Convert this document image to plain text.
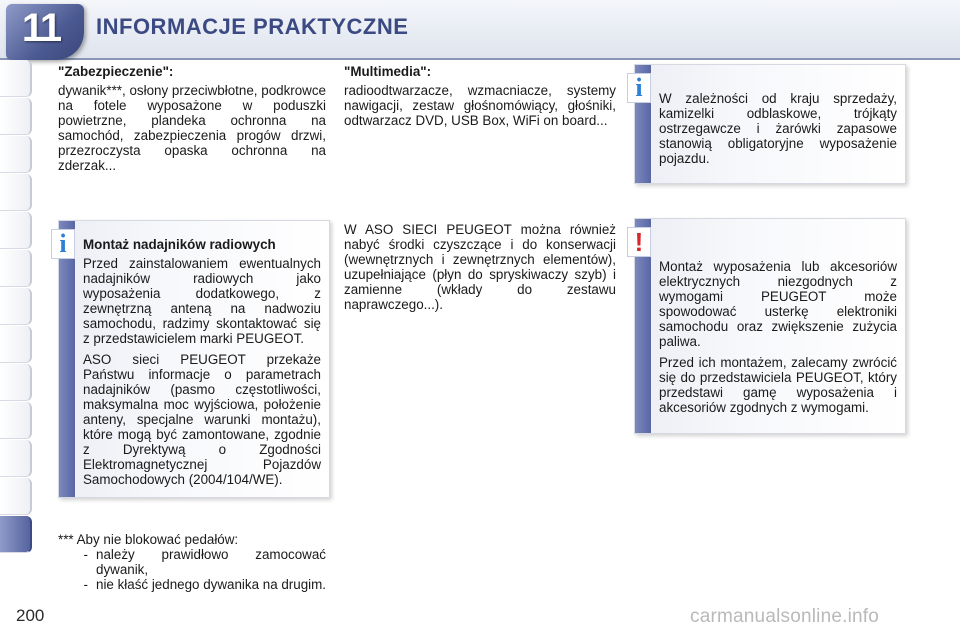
11	INFORMACJE PRAKTYCZNE

"Zabezpieczenie":

dywanik***, osłony przeciwbłotne, podkrowce na fotele wyposażone w poduszki powietrzne, plandeka ochronna na samochód, zabezpieczenia progów drzwi, przezroczysta opaska ochronna na zderzak...

"Multimedia":

radioodtwarzacze, wzmacniacze, systemy nawigacji, zestaw głośnomówiący, głośniki, odtwarzacz DVD, USB Box, WiFi on board...

W ASO SIECI PEUGEOT można również nabyć środki czyszczące i do konserwacji (wewnętrznych i zewnętrznych elementów), uzupełniające (płyn do spryskiwaczy szyb) i zamienne (wkłady do zestawu naprawczego...).

i	Montaż nadajników radiowych

Przed zainstalowaniem ewentualnych nadajników radiowych jako wyposażenia dodatkowego, z zewnętrzną anteną na nadwoziu samochodu, radzimy skontaktować się z przedstawicielem marki PEUGEOT.

ASO sieci PEUGEOT przekaże Państwu informacje o parametrach nadajników (pasmo częstotliwości, maksymalna moc wyjściowa, położenie anteny, specjalne warunki montażu), które mogą być zamontowane, zgodnie z Dyrektywą o Zgodności Elektromagnetycznej Pojazdów Samochodowych (2004/104/WE).

i	W zależności od kraju sprzedaży, kamizelki odblaskowe, trójkąty ostrzegawcze i żarówki zapasowe stanowią obligatoryjne wyposażenie pojazdu.

!

Montaż wyposażenia lub akcesoriów elektrycznych niezgodnych z wymogami PEUGEOT może spowodować usterkę elektroniki samochodu oraz zwiększenie zużycia paliwa.

Przed ich montażem, zalecamy zwrócić się do przedstawiciela PEUGEOT, który przedstawi gamę wyposażenia i akcesoriów zgodnych z wymogami.

*** Aby nie blokować pedałów:

- należy prawidłowo zamocować dywanik,
- nie kłaść jednego dywanika na drugim.
200	carmanualsonline.info
